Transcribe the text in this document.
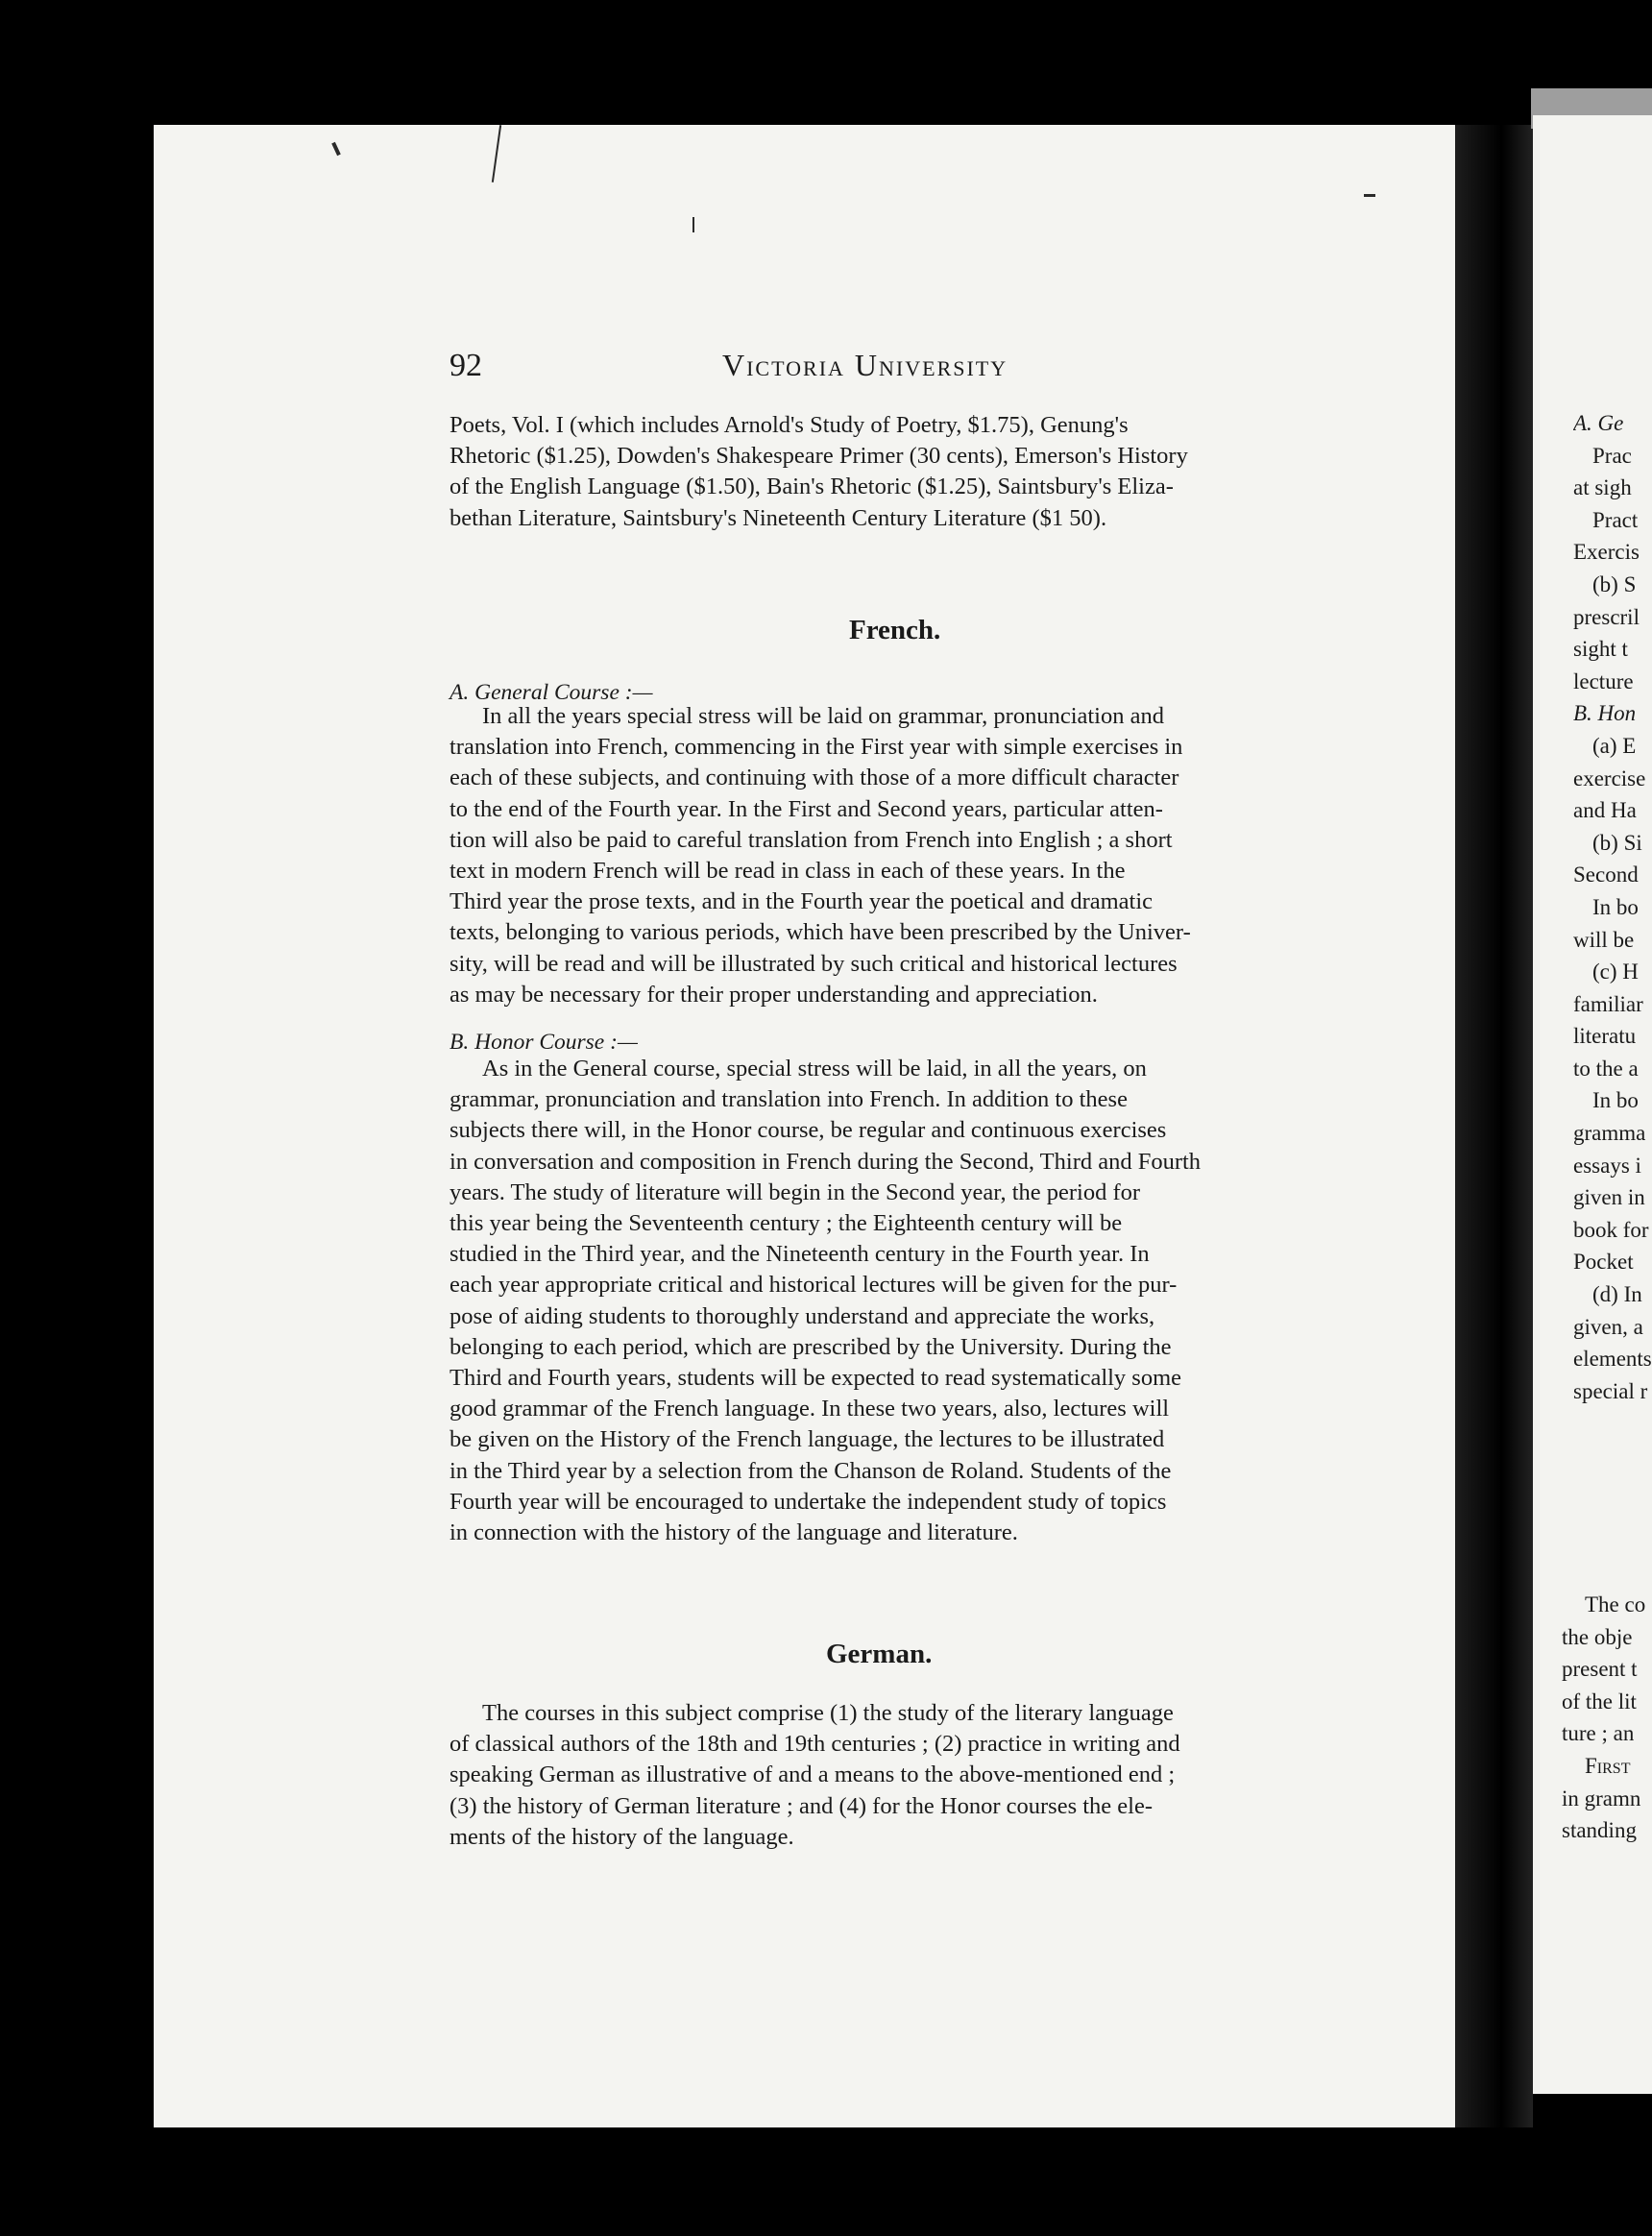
92	Victoria University
Poets, Vol. I (which includes Arnold's Study of Poetry, $1.75), Genung's
Rhetoric ($1.25), Dowden's Shakespeare Primer (30 cents), Emerson's History
of the English Language ($1.50), Bain's Rhetoric ($1.25), Saintsbury's Eliza-
bethan Literature, Saintsbury's Nineteenth Century Literature ($1 50).
French.
A. General Course :—
In all the years special stress will be laid on grammar, pronunciation and
translation into French, commencing in the First year with simple exercises in
each of these subjects, and continuing with those of a more difficult character
to the end of the Fourth year. In the First and Second years, particular atten-
tion will also be paid to careful translation from French into English ; a short
text in modern French will be read in class in each of these years. In the
Third year the prose texts, and in the Fourth year the poetical and dramatic
texts, belonging to various periods, which have been prescribed by the Univer-
sity, will be read and will be illustrated by such critical and historical lectures
as may be necessary for their proper understanding and appreciation.
B. Honor Course :—
As in the General course, special stress will be laid, in all the years, on
grammar, pronunciation and translation into French. In addition to these
subjects there will, in the Honor course, be regular and continuous exercises
in conversation and composition in French during the Second, Third and Fourth
years. The study of literature will begin in the Second year, the period for
this year being the Seventeenth century ; the Eighteenth century will be
studied in the Third year, and the Nineteenth century in the Fourth year. In
each year appropriate critical and historical lectures will be given for the pur-
pose of aiding students to thoroughly understand and appreciate the works,
belonging to each period, which are prescribed by the University. During the
Third and Fourth years, students will be expected to read systematically some
good grammar of the French language. In these two years, also, lectures will
be given on the History of the French language, the lectures to be illustrated
in the Third year by a selection from the Chanson de Roland. Students of the
Fourth year will be encouraged to undertake the independent study of topics
in connection with the history of the language and literature.
German.
The courses in this subject comprise (1) the study of the literary language
of classical authors of the 18th and 19th centuries ; (2) practice in writing and
speaking German as illustrative of and a means to the above-mentioned end ;
(3) the history of German literature ; and (4) for the Honor courses the ele-
ments of the history of the language.
A. Ge
Prac
at sigh
Pract
Exercis
(b) S
prescril
sight t
lecture
B. Hon
(a) E
exercise
and Ha
(b) Si
Second
In bo
will be
(c) H
familiar
literatu
to the a
In bo
gramma
essays i
given in
book for
Pocket
(d) In
given, a
elements
special r
The co
the obje
present t
of the lit
ture ; an
First
in gramn
standing
